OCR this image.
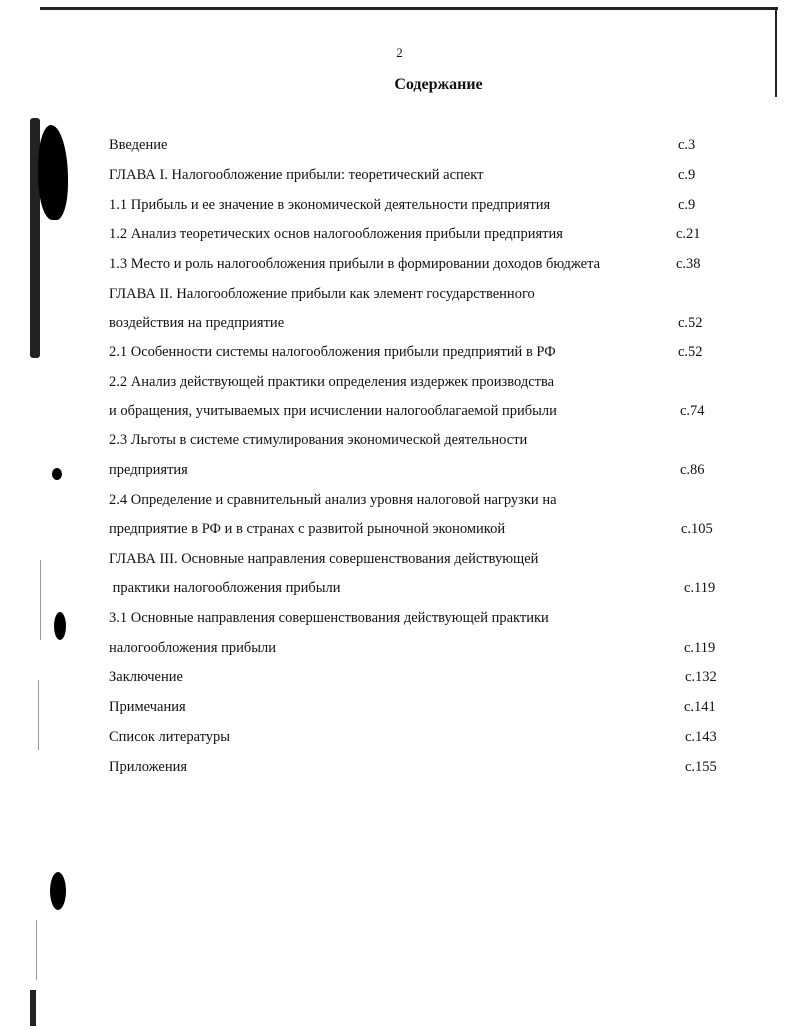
2
Содержание
Введение	с.3
ГЛАВА I. Налогообложение прибыли: теоретический аспект	с.9
1.1 Прибыль и ее значение в экономической деятельности предприятия	с.9
1.2 Анализ теоретических основ налогообложения прибыли предприятия	с.21
1.3 Место и роль налогообложения прибыли в формировании доходов бюджета	с.38
ГЛАВА II. Налогообложение прибыли как элемент государственного
воздействия на предприятие	с.52
2.1 Особенности системы налогообложения прибыли предприятий в РФ	с.52
2.2 Анализ действующей практики определения издержек производства
и обращения, учитываемых при исчислении налогооблагаемой прибыли	с.74
2.3 Льготы в системе стимулирования экономической деятельности
предприятия	с.86
2.4 Определение и сравнительный анализ уровня налоговой нагрузки на
предприятие в РФ и в странах с развитой рыночной экономикой	с.105
ГЛАВА III. Основные направления совершенствования действующей
практики налогообложения прибыли	с.119
3.1 Основные направления совершенствования действующей практики
налогообложения прибыли	с.119
Заключение	с.132
Примечания	с.141
Список литературы	с.143
Приложения	с.155
